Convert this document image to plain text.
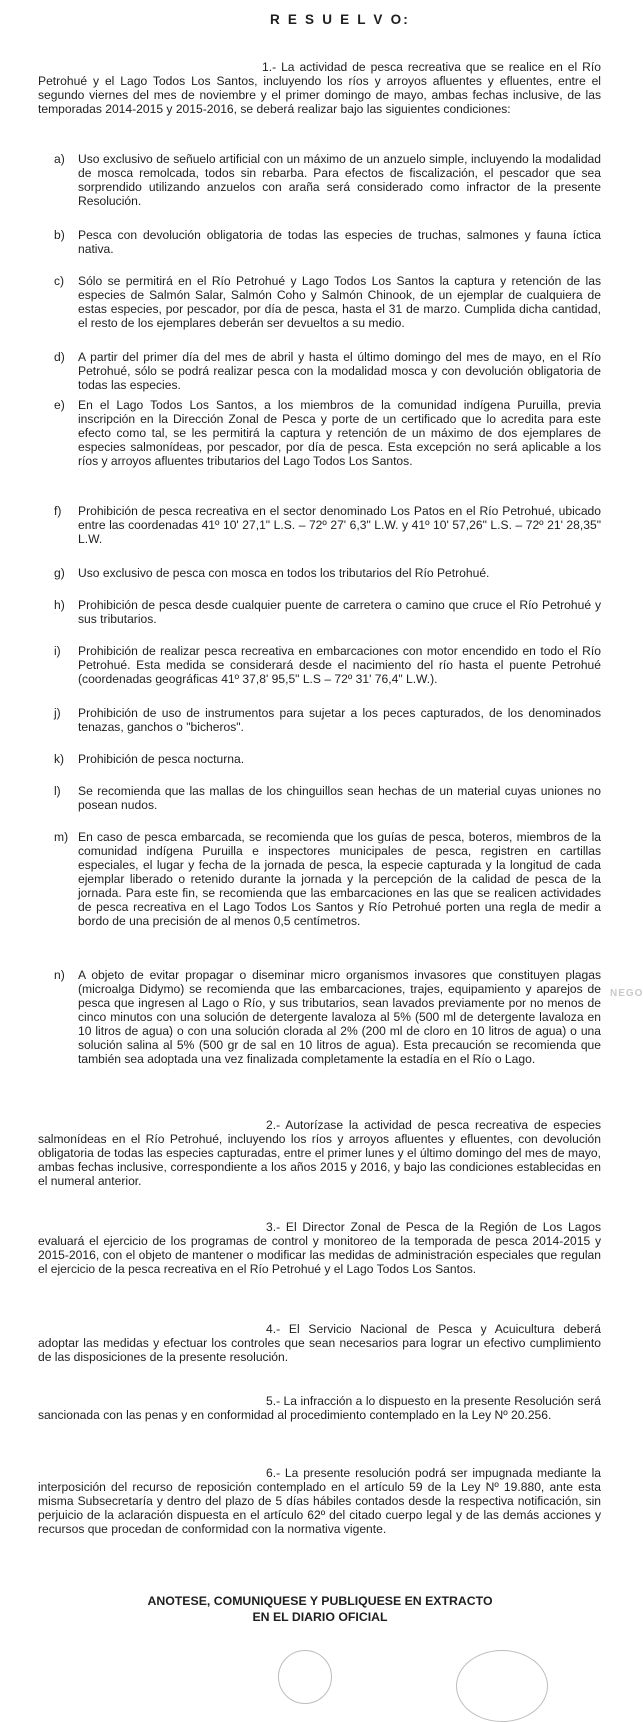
R E S U E L V O:

1.- La actividad de pesca recreativa que se realice en el Río Petrohué y el Lago Todos Los Santos, incluyendo los ríos y arroyos afluentes y efluentes, entre el segundo viernes del mes de noviembre y el primer domingo de mayo, ambas fechas inclusive, de las temporadas 2014-2015 y 2015-2016, se deberá realizar bajo las siguientes condiciones:

a)	Uso exclusivo de señuelo artificial con un máximo de un anzuelo simple, incluyendo la modalidad de mosca remolcada, todos sin rebarba. Para efectos de fiscalización, el pescador que sea sorprendido utilizando anzuelos con araña será considerado como infractor de la presente Resolución.
b)	Pesca con devolución obligatoria de todas las especies de truchas, salmones y fauna íctica nativa.
c)	Sólo se permitirá en el Río Petrohué y Lago Todos Los Santos la captura y retención de las especies de Salmón Salar, Salmón Coho y Salmón Chinook, de un ejemplar de cualquiera de estas especies, por pescador, por día de pesca, hasta el 31 de marzo. Cumplida dicha cantidad, el resto de los ejemplares deberán ser devueltos a su medio.
d)	A partir del primer día del mes de abril y hasta el último domingo del mes de mayo, en el Río Petrohué, sólo se podrá realizar pesca con la modalidad mosca y con devolución obligatoria de todas las especies.
e)	En el Lago Todos Los Santos, a los miembros de la comunidad indígena Puruilla, previa inscripción en la Dirección Zonal de Pesca y porte de un certificado que lo acredita para este efecto como tal, se les permitirá la captura y retención de un máximo de dos ejemplares de especies salmonídeas, por pescador, por día de pesca. Esta excepción no será aplicable a los ríos y arroyos afluentes tributarios del Lago Todos Los Santos.
f)	Prohibición de pesca recreativa en el sector denominado Los Patos en el Río Petrohué, ubicado entre las coordenadas 41º 10' 27,1" L.S. – 72º 27' 6,3" L.W. y 41º 10' 57,26" L.S. – 72º 21' 28,35" L.W.
g)	Uso exclusivo de pesca con mosca en todos los tributarios del Río Petrohué.
h)	Prohibición de pesca desde cualquier puente de carretera o camino que cruce el Río Petrohué y sus tributarios.
i)	Prohibición de realizar pesca recreativa en embarcaciones con motor encendido en todo el Río Petrohué. Esta medida se considerará desde el nacimiento del río hasta el puente Petrohué (coordenadas geográficas 41º 37,8' 95,5" L.S – 72º 31' 76,4" L.W.).
j)	Prohibición de uso de instrumentos para sujetar a los peces capturados, de los denominados tenazas, ganchos o "bicheros".
k)	Prohibición de pesca nocturna.
l)	Se recomienda que las mallas de los chinguillos sean hechas de un material cuyas uniones no posean nudos.
m) En caso de pesca embarcada, se recomienda que los guías de pesca, boteros, miembros de la comunidad indígena Puruilla e inspectores municipales de pesca, registren en cartillas especiales, el lugar y fecha de la jornada de pesca, la especie capturada y la longitud de cada ejemplar liberado o retenido durante la jornada y la percepción de la calidad de pesca de la jornada. Para este fin, se recomienda que las embarcaciones en las que se realicen actividades de pesca recreativa en el Lago Todos Los Santos y Río Petrohué porten una regla de medir a bordo de una precisión de al menos 0,5 centímetros.
n)	A objeto de evitar propagar o diseminar micro organismos invasores que constituyen plagas (microalga Didymo) se recomienda que las embarcaciones, trajes, equipamiento y aparejos de pesca que ingresen al Lago o Río, y sus tributarios, sean lavados previamente por no menos de cinco minutos con una solución de detergente lavaloza al 5% (500 ml de detergente lavaloza en 10 litros de agua) o con una solución clorada al 2% (200 ml de cloro en 10 litros de agua) o una solución salina al 5% (500 gr de sal en 10 litros de agua). Esta precaución se recomienda que también sea adoptada una vez finalizada completamente la estadía en el Río o Lago.

2.- Autorízase la actividad de pesca recreativa de especies salmonídeas en el Río Petrohué, incluyendo los ríos y arroyos afluentes y efluentes, con devolución obligatoria de todas las especies capturadas, entre el primer lunes y el último domingo del mes de mayo, ambas fechas inclusive, correspondiente a los años 2015 y 2016, y bajo las condiciones establecidas en el numeral anterior.

3.- El Director Zonal de Pesca de la Región de Los Lagos evaluará el ejercicio de los programas de control y monitoreo de la temporada de pesca 2014-2015 y 2015-2016, con el objeto de mantener o modificar las medidas de administración especiales que regulan el ejercicio de la pesca recreativa en el Río Petrohué y el Lago Todos Los Santos.

4.- El Servicio Nacional de Pesca y Acuicultura deberá adoptar las medidas y efectuar los controles que sean necesarios para lograr un efectivo cumplimiento de las disposiciones de la presente resolución.

5.- La infracción a lo dispuesto en la presente Resolución será sancionada con las penas y en conformidad al procedimiento contemplado en la Ley Nº 20.256.

6.- La presente resolución podrá ser impugnada mediante la interposición del recurso de reposición contemplado en el artículo 59 de la Ley Nº 19.880, ante esta misma Subsecretaría y dentro del plazo de 5 días hábiles contados desde la respectiva notificación, sin perjuicio de la aclaración dispuesta en el artículo 62º del citado cuerpo legal y de las demás acciones y recursos que procedan de conformidad con la normativa vigente.

ANOTESE, COMUNIQUESE Y PUBLIQUESE EN EXTRACTO
EN EL DIARIO OFICIAL
NEGO
